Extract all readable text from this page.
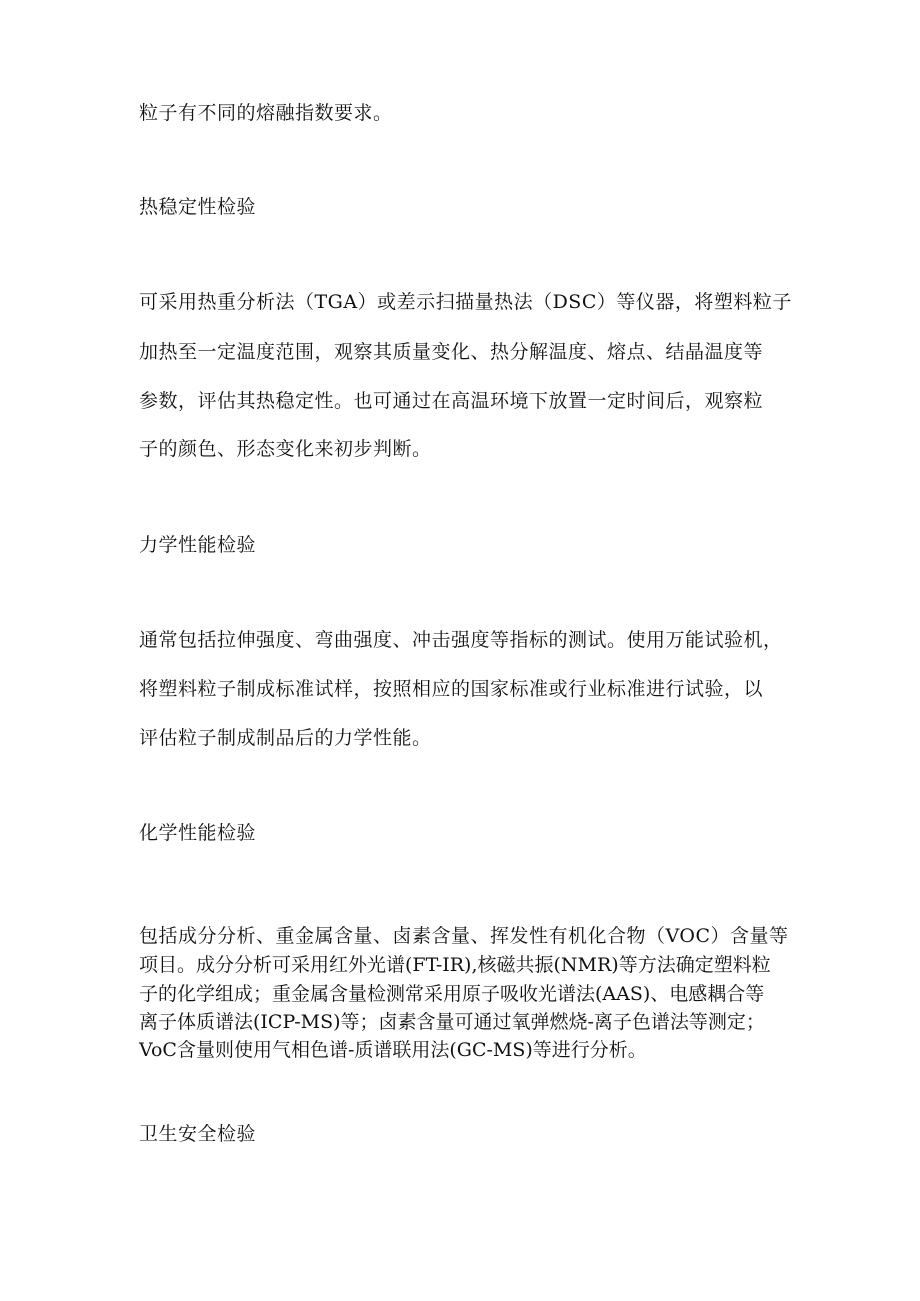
粒子有不同的熔融指数要求。
热稳定性检验
可采用热重分析法（TGA）或差示扫描量热法（DSC）等仪器，将塑料粒子
加热至一定温度范围，观察其质量变化、热分解温度、熔点、结晶温度等
参数，评估其热稳定性。也可通过在高温环境下放置一定时间后，观察粒
子的颜色、形态变化来初步判断。
力学性能检验
通常包括拉伸强度、弯曲强度、冲击强度等指标的测试。使用万能试验机，
将塑料粒子制成标准试样，按照相应的国家标准或行业标准进行试验，以
评估粒子制成制品后的力学性能。
化学性能检验
包括成分分析、重金属含量、卤素含量、挥发性有机化合物（VOC）含量等
项目。成分分析可采用红外光谱(FT-IR),核磁共振(NMR)等方法确定塑料粒
子的化学组成；重金属含量检测常采用原子吸收光谱法(AAS)、电感耦合等
离子体质谱法(ICP-MS)等；卤素含量可通过氧弹燃烧-离子色谱法等测定；
VoC含量则使用气相色谱-质谱联用法(GC-MS)等进行分析。
卫生安全检验
